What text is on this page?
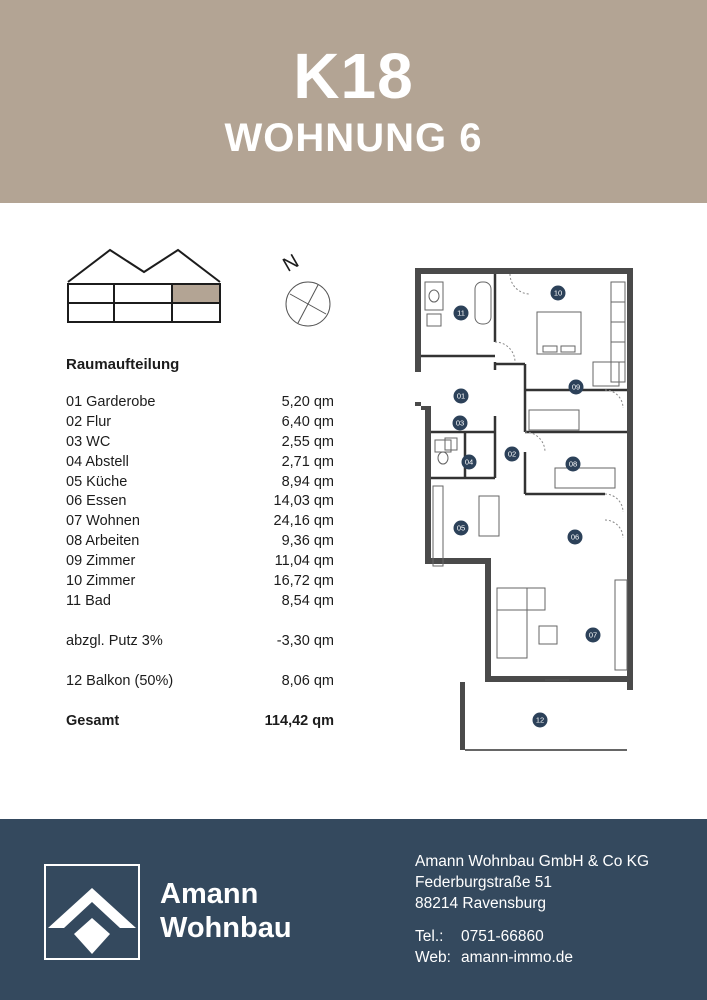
K18
WOHNUNG 6
N
Raumaufteilung
01 Garderobe	5,20 qm
02 Flur	6,40 qm
03 WC	2,55 qm
04 Abstell	2,71 qm
05 Küche	8,94 qm
06 Essen	14,03 qm
07 Wohnen	24,16 qm
08 Arbeiten	9,36 qm
09 Zimmer	11,04 qm
10 Zimmer	16,72 qm
11 Bad	8,54 qm
abzgl. Putz 3%	-3,30 qm
12 Balkon (50%)	8,06 qm
Gesamt	114,42 qm
01
02
03
04
05
06
07
08
09
10
11
12
Amann
Wohnbau
Amann Wohnbau GmbH & Co KG
Federburgstraße 51
88214 Ravensburg
Tel.: 0751-66860
Web: amann-immo.de
